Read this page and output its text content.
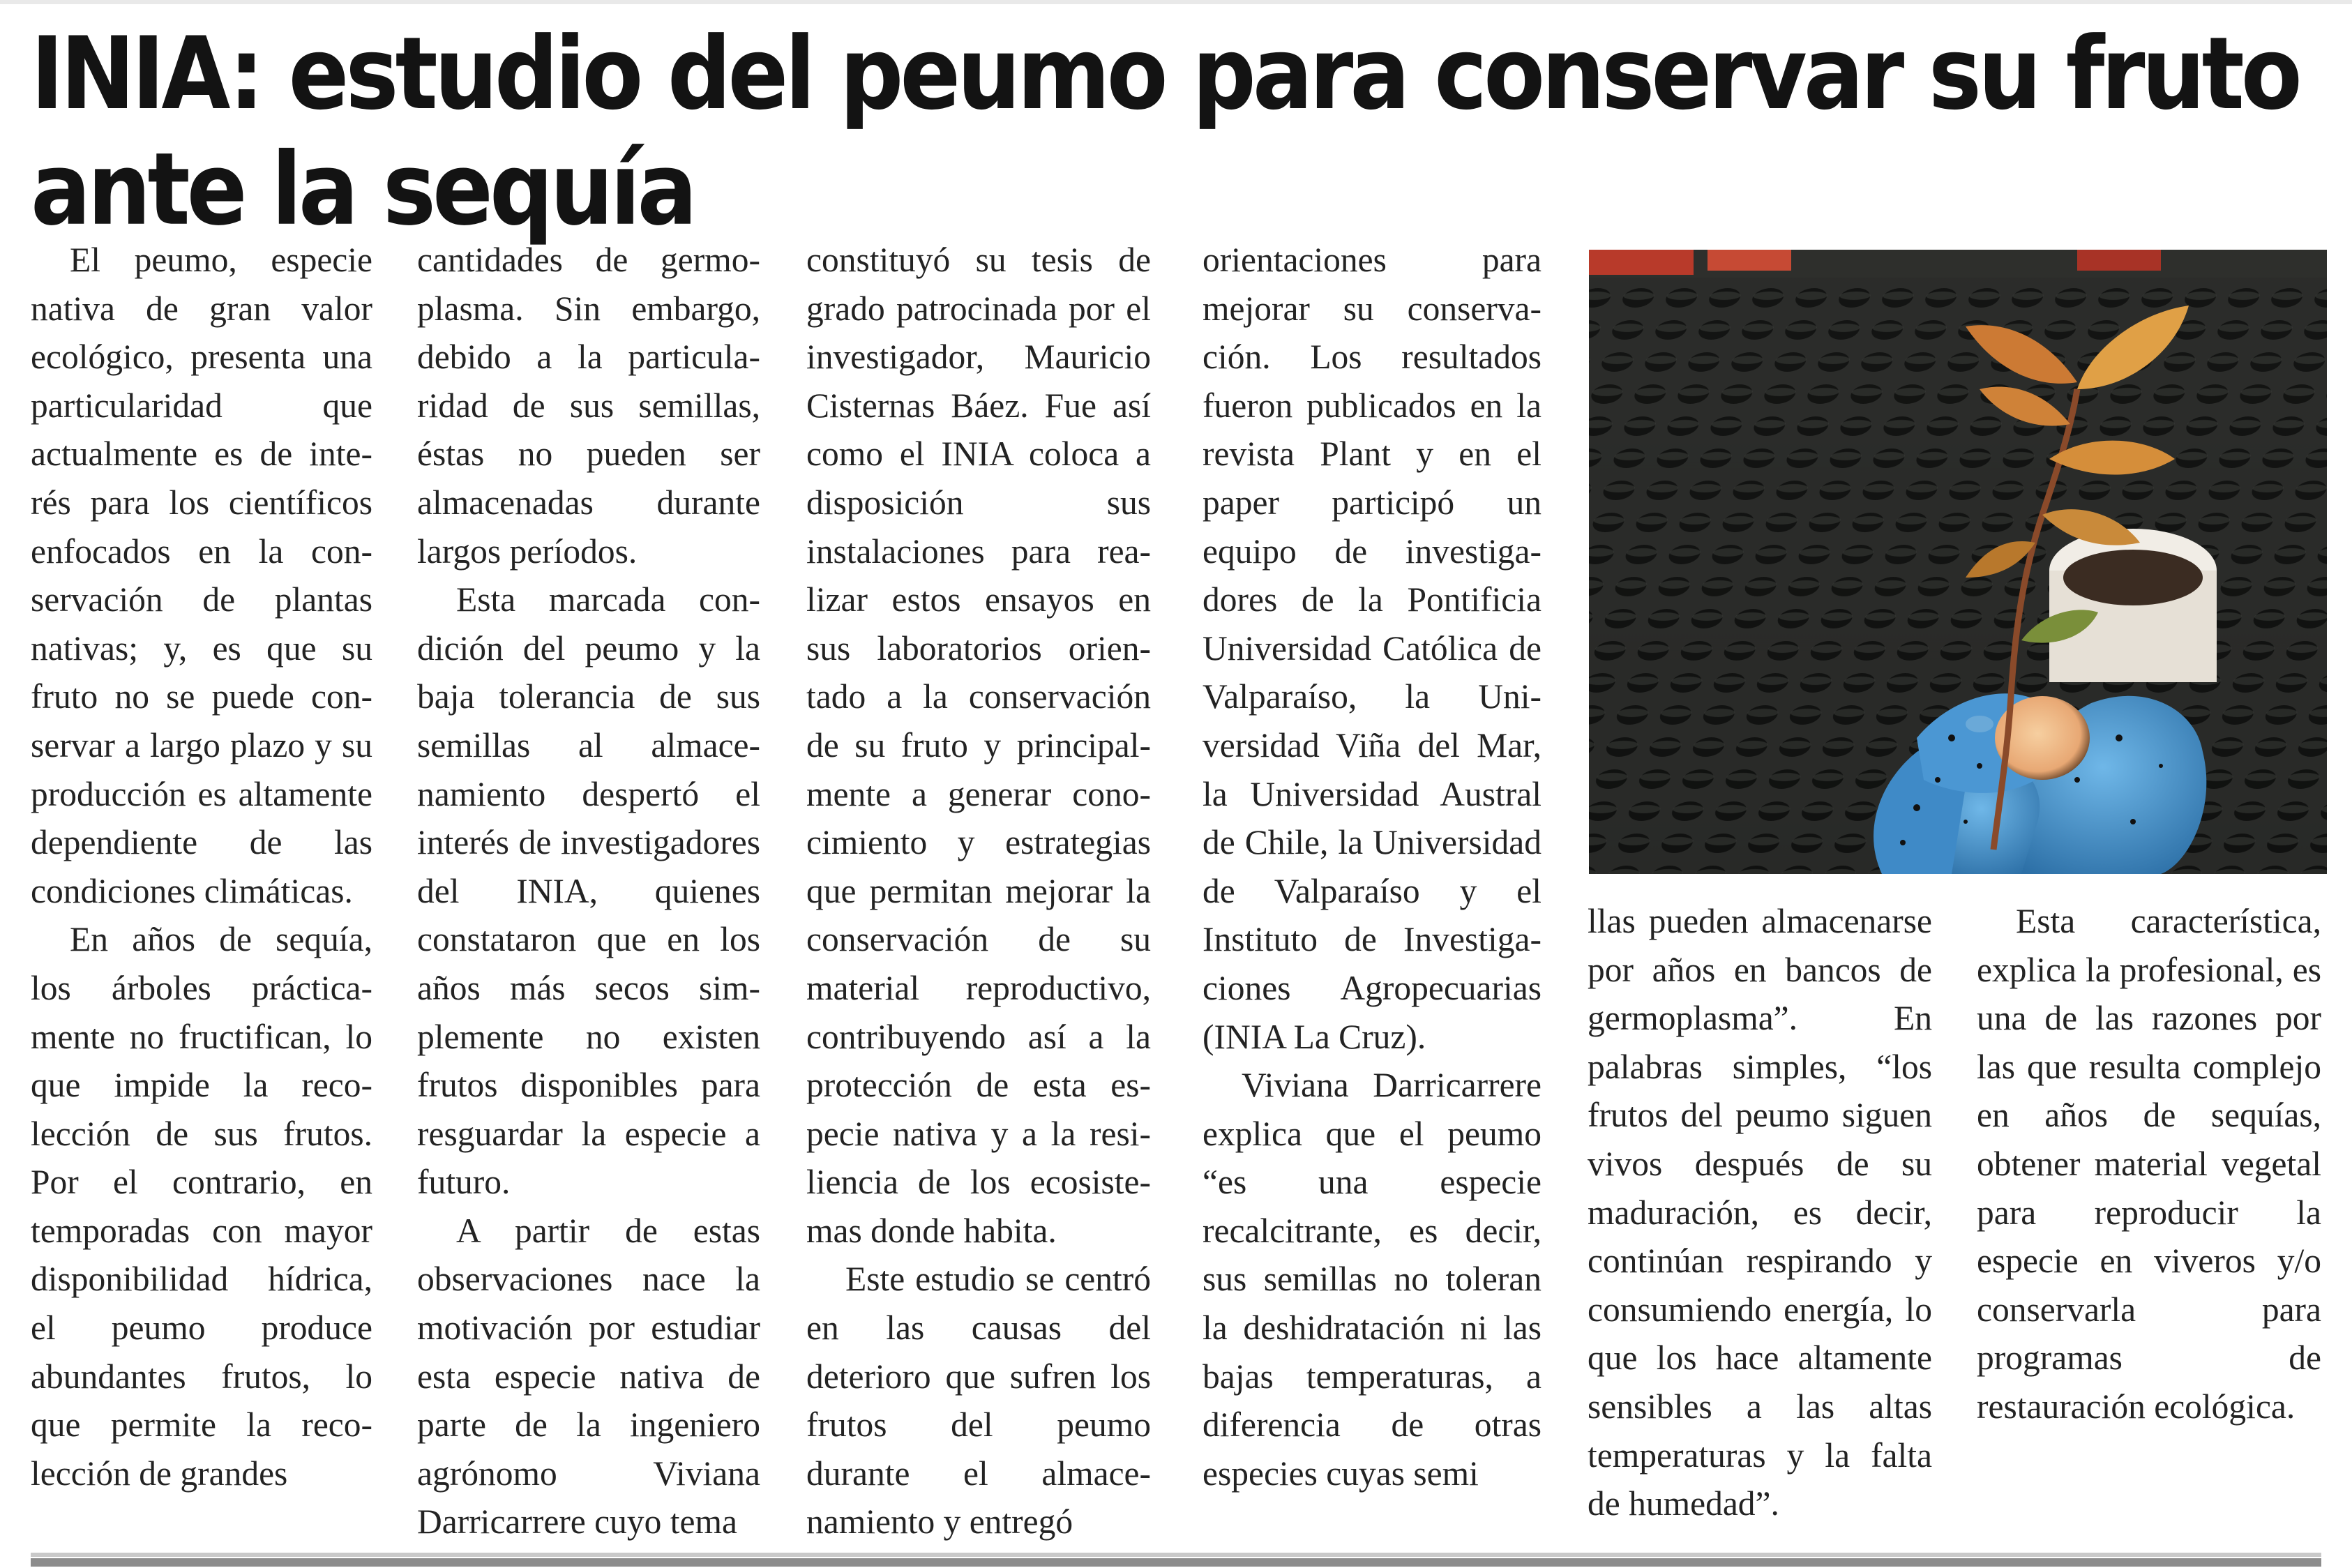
INIA: estudio del peumo para conservar su fruto ante la sequía

El peumo, especie nativa de gran valor ecológico, presenta una particularidad que actualmente es de interés para los científicos enfocados en la conservación de plantas nativas; y, es que su fruto no se puede conservar a largo plazo y su producción es altamente dependiente de las condiciones climáticas.

En años de sequía, los árboles prácticamente no fructifican, lo que impide la recolección de sus frutos. Por el contrario, en temporadas con mayor disponibilidad hídrica, el peumo produce abundantes frutos, lo que permite la recolección de grandes

cantidades de germoplasma. Sin embargo, debido a la particularidad de sus semillas, éstas no pueden ser almacenadas durante largos períodos.

Esta marcada condición del peumo y la baja tolerancia de sus semillas al almacenamiento despertó el interés de investigadores del INIA, quienes constataron que en los años más secos simplemente no existen frutos disponibles para resguardar la especie a futuro.

A partir de estas observaciones nace la motivación por estudiar esta especie nativa de parte de la ingeniero agrónomo Viviana Darricarrere cuyo tema

constituyó su tesis de grado patrocinada por el investigador, Mauricio Cisternas Báez. Fue así como el INIA coloca a disposición sus instalaciones para realizar estos ensayos en sus laboratorios orientado a la conservación de su fruto y principalmente a generar conocimiento y estrategias que permitan mejorar la conservación de su material reproductivo, contribuyendo así a la protección de esta especie nativa y a la resiliencia de los ecosistemas donde habita.

Este estudio se centró en las causas del deterioro que sufren los frutos del peumo durante el almacenamiento y entregó

orientaciones para mejorar su conservación. Los resultados fueron publicados en la revista Plant y en el paper participó un equipo de investigadores de la Pontificia Universidad Católica de Valparaíso, la Universidad Viña del Mar, la Universidad Austral de Chile, la Universidad de Valparaíso y el Instituto de Investigaciones Agropecuarias (INIA La Cruz).

Viviana Darricarrere explica que el peumo “es una especie recalcitrante, es decir, sus semillas no toleran la deshidratación ni las bajas temperaturas, a diferencia de otras especies cuyas semi

llas pueden almacenarse por años en bancos de germoplasma”. En palabras simples, “los frutos del peumo siguen vivos después de su maduración, es decir, continúan respirando y consumiendo energía, lo que los hace altamente sensibles a las altas temperaturas y la falta de humedad”.

Esta característica, explica la profesional, es una de las razones por las que resulta complejo en años de sequías, obtener material vegetal para reproducir la especie en viveros y/o conservarla para programas de restauración ecológica.
